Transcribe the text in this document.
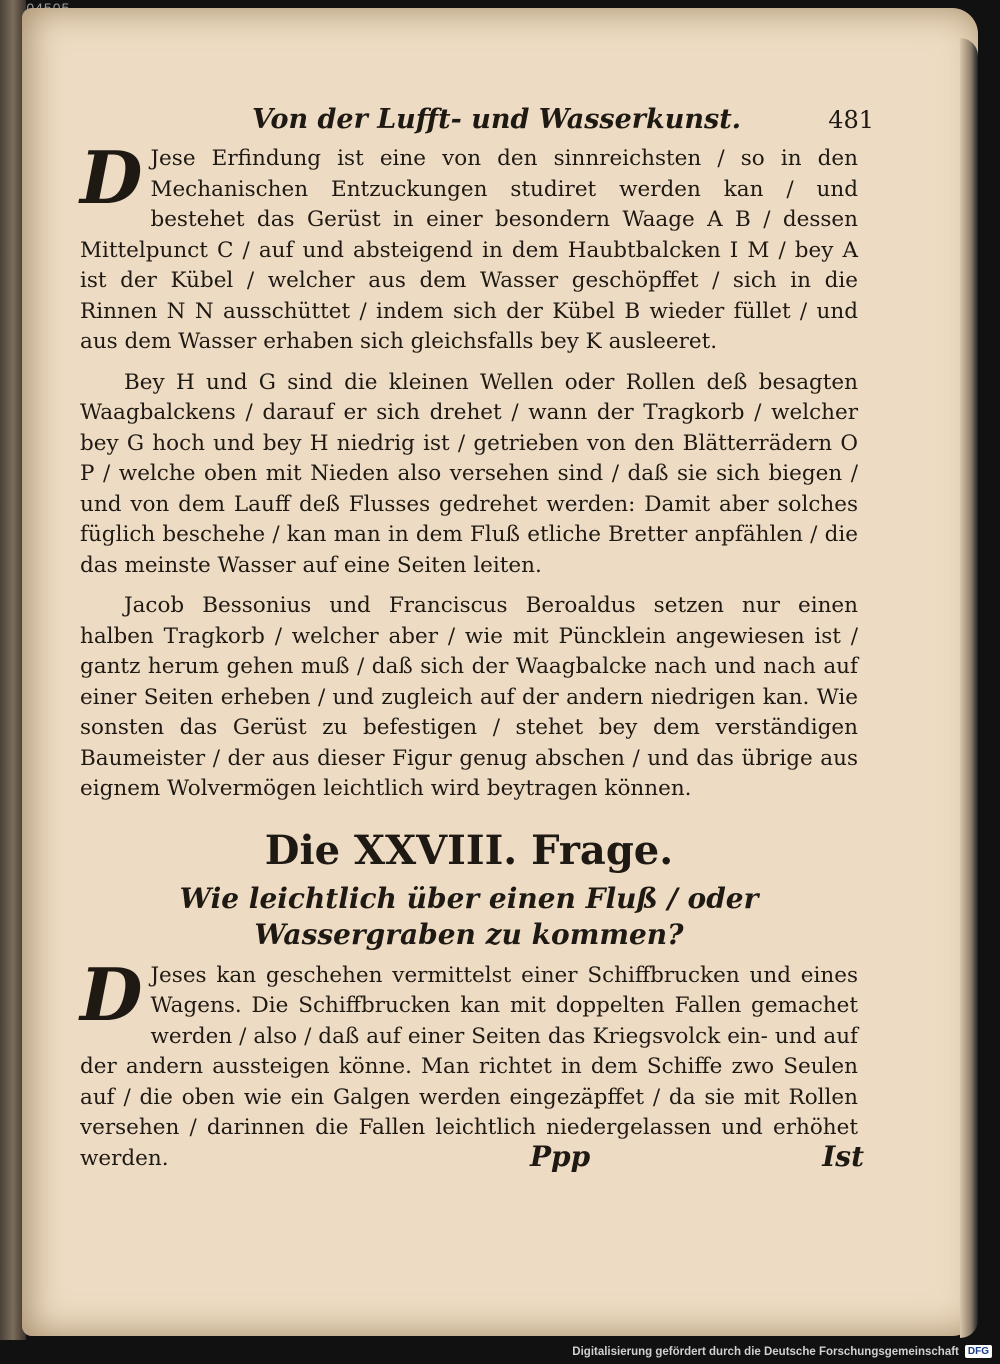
Von der Lufft- und Wasserkunst.	481

D Jese Erfindung ist eine von den sinnreichsten / so in den Mechanischen Entzuckungen studiret werden kan / und bestehet das Gerüst in einer besondern Waage A B / dessen Mittelpunct C / auf und absteigend in dem Haubtbalcken I M / bey A ist der Kübel / welcher aus dem Wasser geschöpffet / sich in die Rinnen N N ausschüttet / indem sich der Kübel B wieder füllet / und aus dem Wasser erhaben sich gleichsfalls bey K ausleeret.

Bey H und G sind die kleinen Wellen oder Rollen deß besagten Waagbalckens / darauf er sich drehet / wann der Tragkorb / welcher bey G hoch und bey H niedrig ist / getrieben von den Blätterrädern O P / welche oben mit Nieden also versehen sind / daß sie sich biegen / und von dem Lauff deß Flusses gedrehet werden: Damit aber solches füglich beschehe / kan man in dem Fluß etliche Bretter anpfählen / die das meinste Wasser auf eine Seiten leiten.

Jacob Bessonius und Franciscus Beroaldus setzen nur einen halben Tragkorb / welcher aber / wie mit Püncklein angewiesen ist / gantz herum gehen muß / daß sich der Waagbalcke nach und nach auf einer Seiten erheben / und zugleich auf der andern niedrigen kan. Wie sonsten das Gerüst zu befestigen / stehet bey dem verständigen Baumeister / der aus dieser Figur genug abschen / und das übrige aus eignem Wolvermögen leichtlich wird beytragen können.

Die XXVIII. Frage.
Wie leichtlich über einen Fluß / oder Wassergraben zu kommen?

D Jeses kan geschehen vermittelst einer Schiffbrucken und eines Wagens. Die Schiffbrucken kan mit doppelten Fallen gemachet werden / also / daß auf einer Seiten das Kriegsvolck ein- und auf der andern aussteigen könne. Man richtet in dem Schiffe zwo Seulen auf / die oben wie ein Galgen werden eingezäpffet / da sie mit Rollen versehen / darinnen die Fallen leichtlich niedergelassen und erhöhet werden.	Ppp	Ist
Digitalisierung gefördert durch die Deutsche Forschungsgemeinschaft DFG
